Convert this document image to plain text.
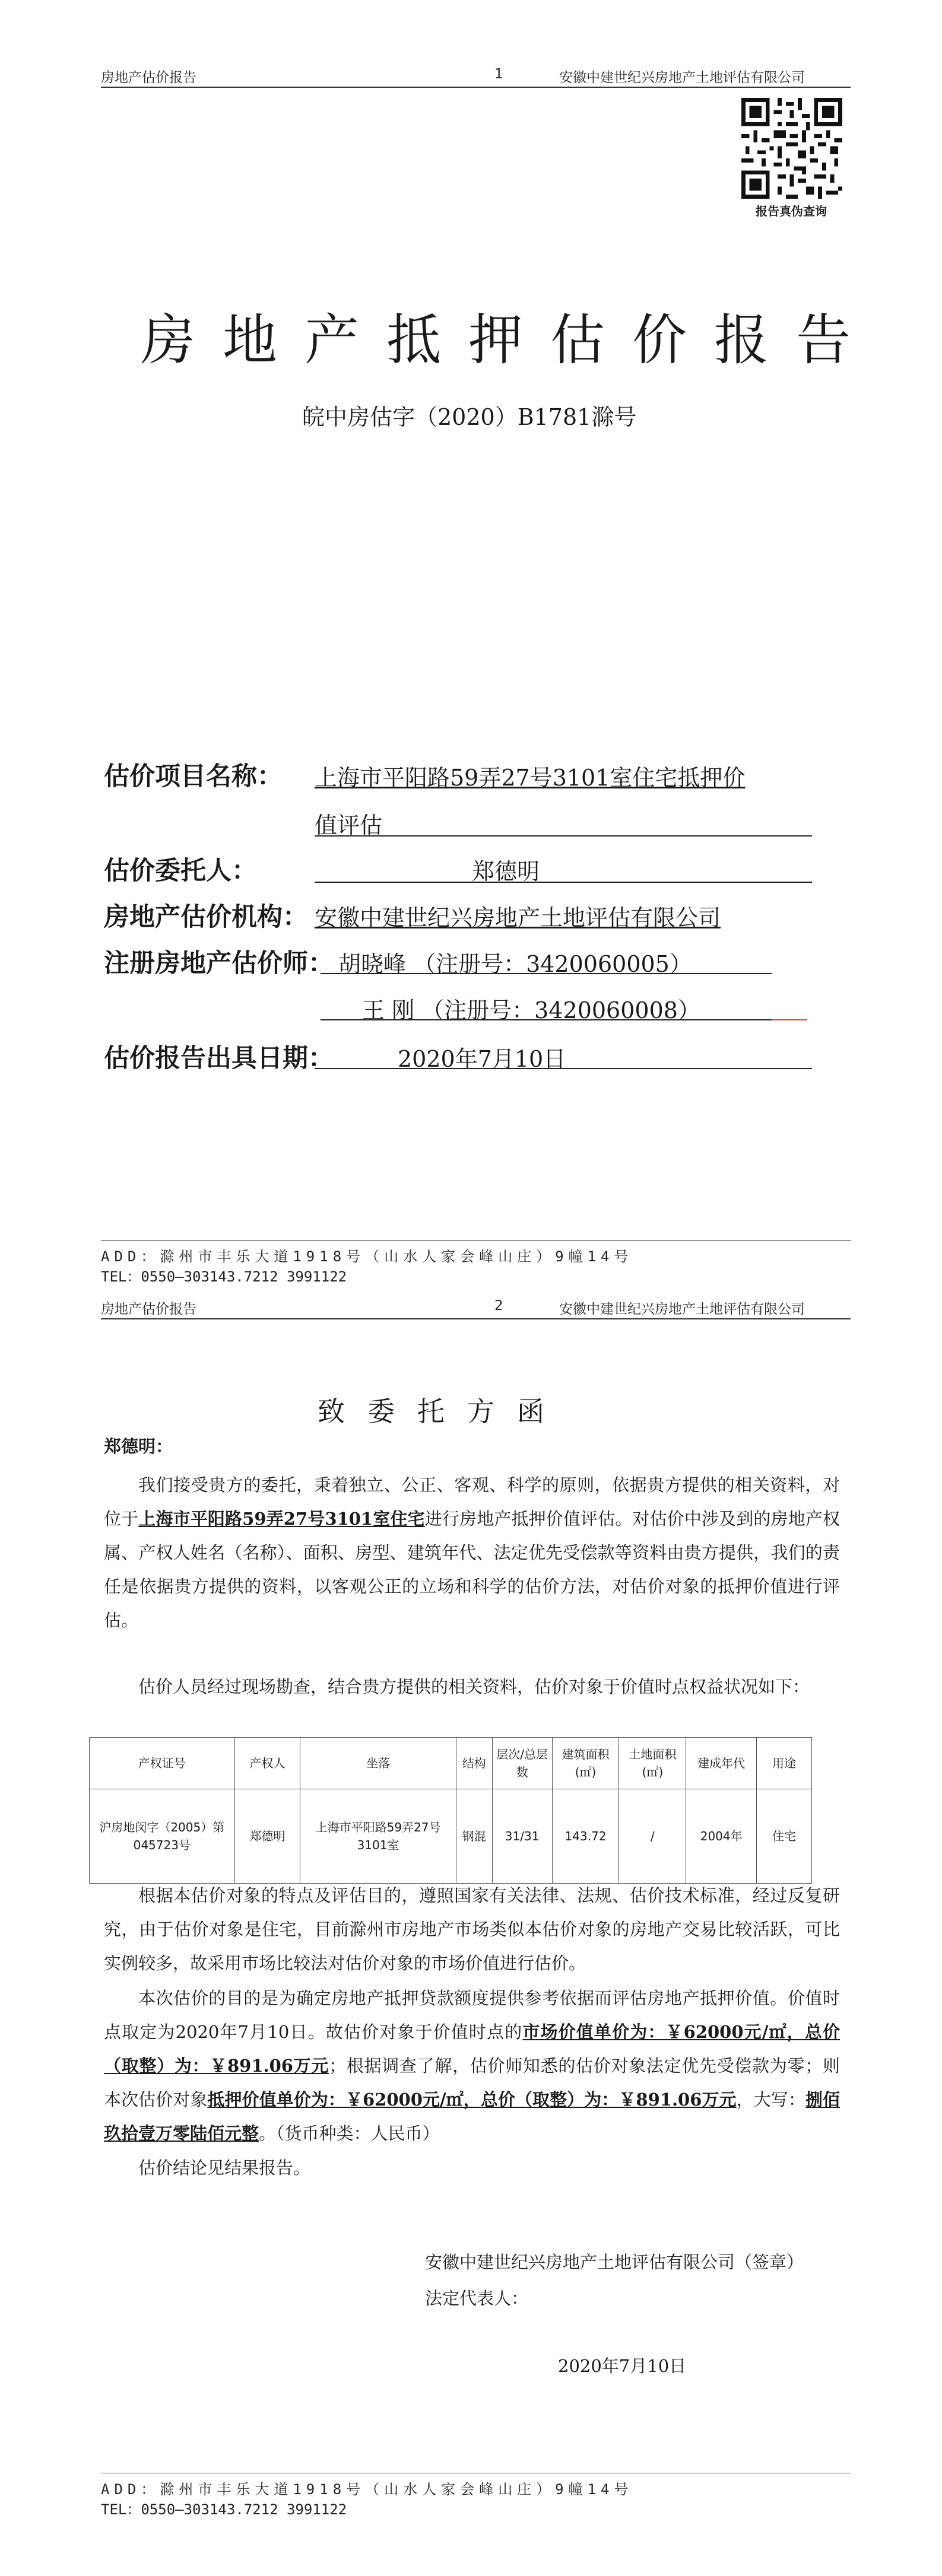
房地产估价报告	1	安徽中建世纪兴房地产土地评估有限公司
报告真伪查询
房地产抵押估价报告
皖中房估字（2020）B1781滁号
估价项目名称： 上海市平阳路59弄27号3101室住宅抵押价
值评估
估价委托人：	郑德明
房地产估价机构： 安徽中建世纪兴房地产土地评估有限公司
注册房地产估价师： 胡晓峰 （注册号：3420060005）
王 刚 （注册号：3420060008）
估价报告出具日期：	2020年7月10日
ADD：滁州市丰乐大道1918号（山水人家会峰山庄）9幢14号
TEL：0550—303143.7212 3991122
房地产估价报告	2	安徽中建世纪兴房地产土地评估有限公司
致委托方函
郑德明：
我们接受贵方的委托，秉着独立、公正、客观、科学的原则，依据贵方提供的相关资料，对位于上海市平阳路59弄27号3101室住宅进行房地产抵押价值评估。对估价中涉及到的房地产权属、产权人姓名（名称）、面积、房型、建筑年代、法定优先受偿款等资料由贵方提供，我们的责任是依据贵方提供的资料，以客观公正的立场和科学的估价方法，对估价对象的抵押价值进行评估。
估价人员经过现场勘查，结合贵方提供的相关资料，估价对象于价值时点权益状况如下：
产权证号	产权人	坐落	结构	层次/总层数	建筑面积(㎡)	土地面积(㎡)	建成年代	用途
沪房地闵字（2005）第045723号	郑德明	上海市平阳路59弄27号3101室	钢混	31/31	143.72	/	2004年	住宅
根据本估价对象的特点及评估目的，遵照国家有关法律、法规、估价技术标准，经过反复研究，由于估价对象是住宅，目前滁州市房地产市场类似本估价对象的房地产交易比较活跃，可比实例较多，故采用市场比较法对估价对象的市场价值进行估价。
本次估价的目的是为确定房地产抵押贷款额度提供参考依据而评估房地产抵押价值。价值时点取定为2020年7月10日。故估价对象于价值时点的市场价值单价为：￥62000元/㎡，总价（取整）为：￥891.06万元；根据调查了解，估价师知悉的估价对象法定优先受偿款为零；则本次估价对象抵押价值单价为：￥62000元/㎡，总价（取整）为：￥891.06万元，大写：捌佰玖拾壹万零陆佰元整。（货币种类：人民币）
估价结论见结果报告。
安徽中建世纪兴房地产土地评估有限公司（签章）
法定代表人：
2020年7月10日
ADD：滁州市丰乐大道1918号（山水人家会峰山庄）9幢14号
TEL：0550—303143.7212 3991122
